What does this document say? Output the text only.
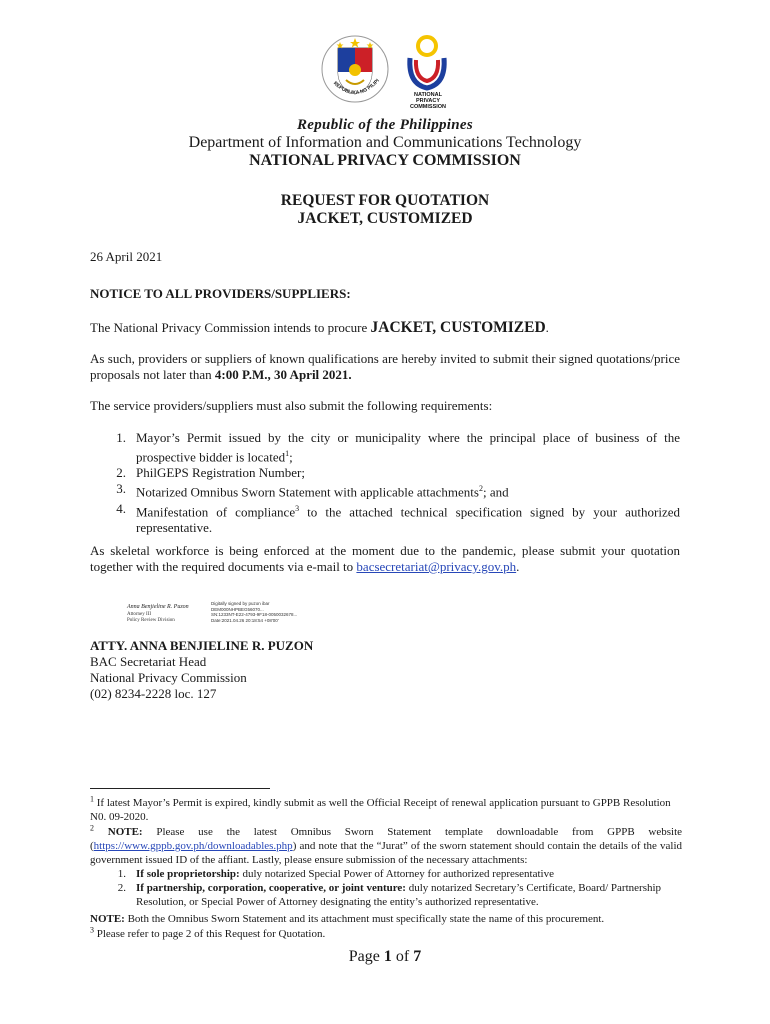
REPUBLIKA NG PILIPI
NATIONAL
PRIVACY
COMMISSION
Republic of the Philippines
Department of Information and Communications Technology
NATIONAL PRIVACY COMMISSION
REQUEST FOR QUOTATION
JACKET, CUSTOMIZED
26 April 2021
NOTICE TO ALL PROVIDERS/SUPPLIERS:
The National Privacy Commission intends to procure JACKET, CUSTOMIZED.
As such, providers or suppliers of known qualifications are hereby invited to submit their signed quotations/price proposals not later than 4:00 P.M., 30 April 2021.
The service providers/suppliers must also submit the following requirements:
1. Mayor’s Permit issued by the city or municipality where the principal place of business of the prospective bidder is located$^1$;
2. PhilGEPS Registration Number;
3. Notarized Omnibus Sworn Statement with applicable attachments$^2$; and
4. Manifestation of compliance$^3$ to the attached technical specification signed by your authorized representative.
As skeletal workforce is being enforced at the moment due to the pandemic, please submit your quotation together with the required documents via e-mail to bacsecretariat@privacy.gov.ph.
Anna Benjieline R. Puzon
Attorney III
Policy Review Division
Digitally signed by puzon ibar
DEM000NHPBEG56070...
SN:1233NT-E22-4793-9F18-0050032678...
Date:2021.04.26 20:18:54 +08'00'
ATTY. ANNA BENJIELINE R. PUZON
BAC Secretariat Head
National Privacy Commission
(02) 8234-2228 loc. 127
$^1$ If latest Mayor’s Permit is expired, kindly submit as well the Official Receipt of renewal application pursuant to GPPB Resolution N0. 09-2020.
$^2$ NOTE: Please use the latest Omnibus Sworn Statement template downloadable from GPPB website (https://www.gppb.gov.ph/downloadables.php) and note that the “Jurat” of the sworn statement should contain the details of the valid government issued ID of the affiant. Lastly, please ensure submission of the necessary attachments:
1. If sole proprietorship: duly notarized Special Power of Attorney for authorized representative
2. If partnership, corporation, cooperative, or joint venture: duly notarized Secretary’s Certificate, Board/ Partnership Resolution, or Special Power of Attorney designating the entity’s authorized representative.
NOTE: Both the Omnibus Sworn Statement and its attachment must specifically state the name of this procurement.
$^3$ Please refer to page 2 of this Request for Quotation.
Page 1 of 7
